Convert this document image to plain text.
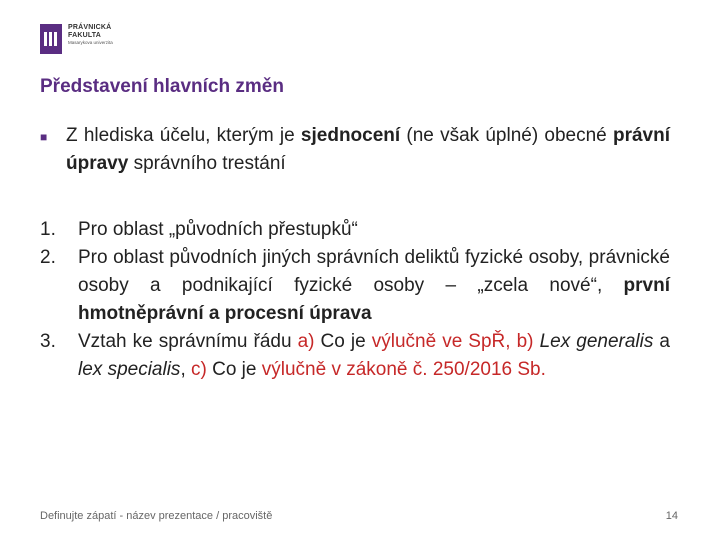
PRÁVNICKÁ
FAKULTA
Masarykova univerzita
Představení hlavních změn
■ Z hlediska účelu, kterým je sjednocení (ne však úplné) obecné právní úpravy správního trestání
1.	Pro oblast „původních přestupků“
2.	Pro oblast původních jiných správních deliktů fyzické osoby, právnické osoby a podnikající fyzické osoby – „zcela nové“, první hmotněprávní a procesní úprava
3.	Vztah ke správnímu řádu a) Co je výlučně ve SpŘ, b) Lex generalis a lex specialis, c) Co je výlučně v zákoně č. 250/2016 Sb.
Definujte zápatí - název prezentace / pracoviště	14
